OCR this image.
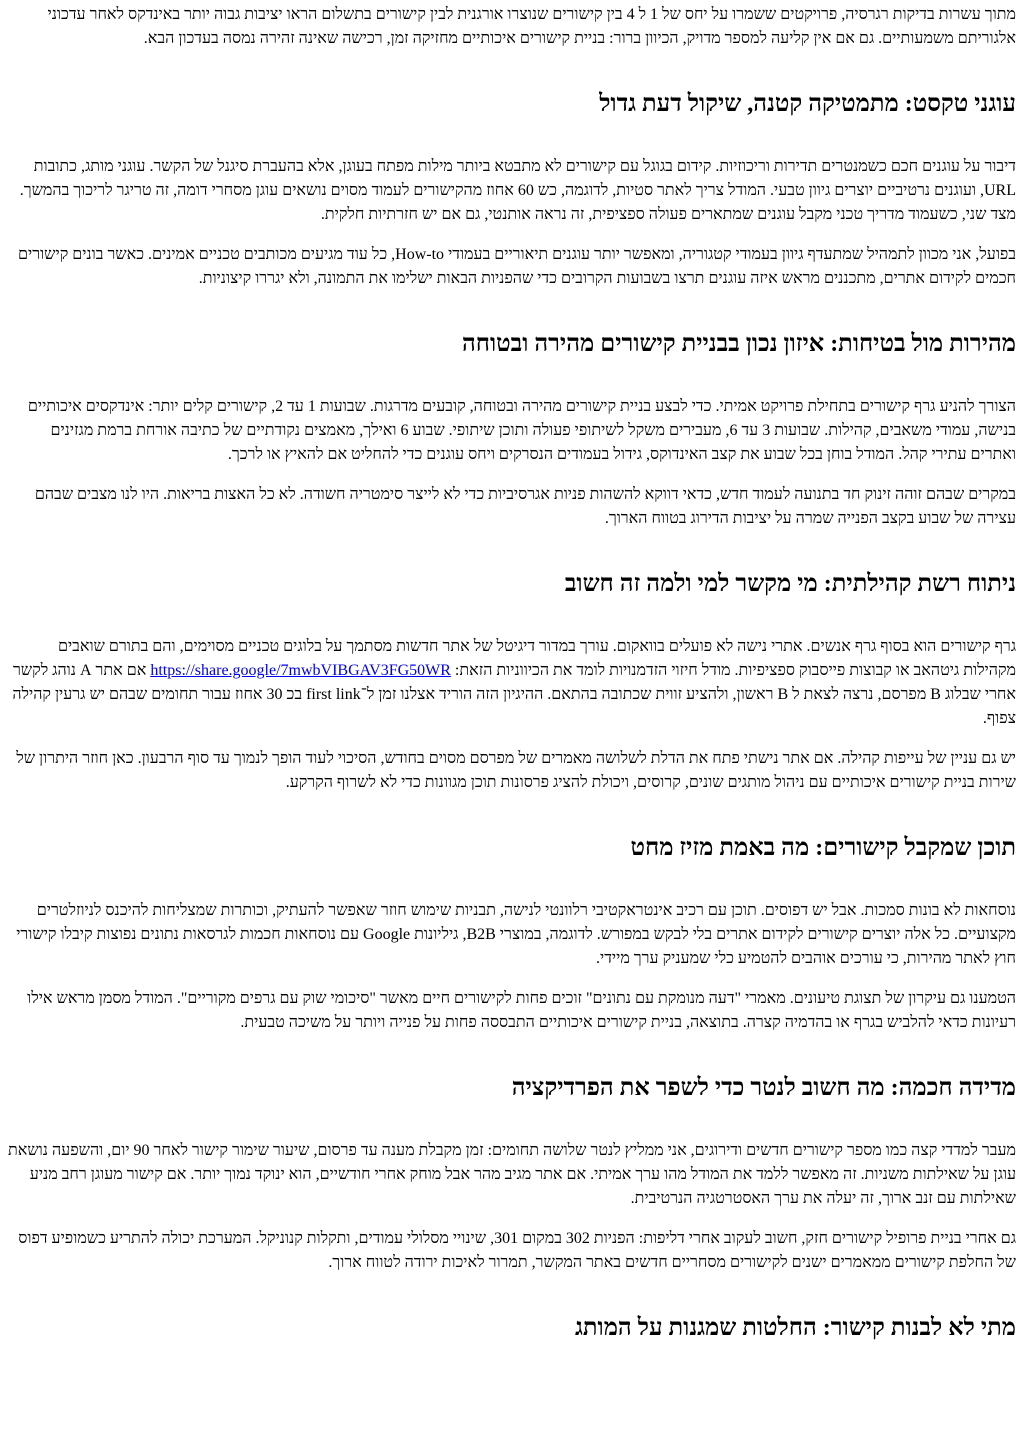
מתוך עשרות בדיקות רגרסיה, פרויקטים ששמרו על יחס של 1 ל 4 בין קישורים שנוצרו אורגנית לבין קישורים בתשלום הראו יציבות גבוה יותר באינדקס לאחר עדכוני אלגוריתם משמעותיים. גם אם אין קליעה למספר מדויק, הכיוון ברור: בניית קישורים איכותיים מחזיקה זמן, רכישה שאינה זהירה נמסה בעדכון הבא.

עוגני טקסט: מתמטיקה קטנה, שיקול דעת גדול

דיבור על עוגנים חכם כשמנטרים תדירות וריכוזיות. קידום בגוגל עם קישורים לא מתבטא ביותר מילות מפתח בעוגן, אלא בהעברת סיגנל של הקשר. עוגני מותג, כתובות URL, ועוגנים נרטיביים יוצרים גיוון טבעי. המודל צריך לאתר סטיות, לדוגמה, כש 60 אחוז מהקישורים לעמוד מסוים נושאים עוגן מסחרי דומה, זה טריגר לריכוך בהמשך. מצד שני, כשעמוד מדריך טכני מקבל עוגנים שמתארים פעולה ספציפית, זה נראה אותנטי, גם אם יש חזרתיות חלקית.

בפועל, אני מכוון לתמהיל שמתעדף גיוון בעמודי קטגוריה, ומאפשר יותר עוגנים תיאוריים בעמודי How-to, כל עוד מגיעים מכותבים טכניים אמינים. כאשר בונים קישורים חכמים לקידום אתרים, מתכננים מראש איזה עוגנים תרצו בשבועות הקרובים כדי שהפניות הבאות ישלימו את התמונה, ולא יגררו קיצוניות.

מהירות מול בטיחות: איזון נכון בבניית קישורים מהירה ובטוחה

הצורך להניע גרף קישורים בתחילת פרויקט אמיתי. כדי לבצע בניית קישורים מהירה ובטוחה, קובעים מדרגות. שבועות 1 עד 2, קישורים קלים יותר: אינדקסים איכותיים בנישה, עמודי משאבים, קהילות. שבועות 3 עד 6, מעבירים משקל לשיתופי פעולה ותוכן שיתופי. שבוע 6 ואילך, מאמצים נקודתיים של כתיבה אורחת ברמת מגזינים ואתרים עתירי קהל. המודל בוחן בכל שבוע את קצב האינדוקס, גידול בעמודים הנסרקים ויחס עוגנים כדי להחליט אם להאיץ או לרכך.

במקרים שבהם זוהה זינוק חד בתנועה לעמוד חדש, כדאי דווקא להשהות פניות אגרסיביות כדי לא לייצר סימטריה חשודה. לא כל האצות בריאות. היו לנו מצבים שבהם עצירה של שבוע בקצב הפנייה שמרה על יציבות הדירוג בטווח הארוך.

ניתוח רשת קהילתית: מי מקשר למי ולמה זה חשוב

גרף קישורים הוא בסוף גרף אנשים. אתרי נישה לא פועלים בוואקום. עורך במדור דיגיטל של אתר חדשות מסתמך על בלוגים טכניים מסוימים, והם בתורם שואבים מקהילות גיטהאב או קבוצות פייסבוק ספציפיות. מודל חיזוי הזדמנויות לומד את הכיווניות הזאת: https://share.google/7mwbVIBGAV3FG50WR אם אתר A נוהג לקשר אחרי שבלוג B מפרסם, נרצה לצאת ל B ראשון, ולהציע זווית שכתובה בהתאם. ההיגיון הזה הוריד אצלנו זמן ל־first link בכ 30 אחוז עבור תחומים שבהם יש גרעין קהילה צפוף.

יש גם עניין של עייפות קהילה. אם אתר נישתי פתח את הדלת לשלושה מאמרים של מפרסם מסוים בחודש, הסיכוי לעוד הופך לנמוך עד סוף הרבעון. כאן חוזר היתרון של שירות בניית קישורים איכותיים עם ניהול מותגים שונים, קרוסים, ויכולת להציג פרסונות תוכן מגוונות כדי לא לשרוף הקרקע.

תוכן שמקבל קישורים: מה באמת מזיז מחט

נוסחאות לא בונות סמכות. אבל יש דפוסים. תוכן עם רכיב אינטראקטיבי רלוונטי לנישה, תבניות שימוש חוזר שאפשר להעתיק, וכותרות שמצליחות להיכנס לניוזלטרים מקצועיים. כל אלה יוצרים קישורים לקידום אתרים בלי לבקש במפורש. לדוגמה, במוצרי B2B, גיליונות Google עם נוסחאות חכמות לגרסאות נתונים נפוצות קיבלו קישורי חוץ לאתר מהירות, כי עורכים אוהבים להטמיע כלי שמעניק ערך מיידי.

הטמענו גם עיקרון של תצוגת טיעונים. מאמרי "דעה מנומקת עם נתונים" זוכים פחות לקישורים חיים מאשר "סיכומי שוק עם גרפים מקוריים". המודל מסמן מראש אילו רעיונות כדאי להלביש בגרף או בהדמיה קצרה. בתוצאה, בניית קישורים איכותיים התבססה פחות על פנייה ויותר על משיכה טבעית.

מדידה חכמה: מה חשוב לנטר כדי לשפר את הפרדיקציה

מעבר למדדי קצה כמו מספר קישורים חדשים ודירוגים, אני ממליץ לנטר שלושה תחומים: זמן מקבלת מענה עד פרסום, שיעור שימור קישור לאחר 90 יום, והשפעה נושאת עוגן על שאילתות משניות. זה מאפשר ללמד את המודל מהו ערך אמיתי. אם אתר מגיב מהר אבל מוחק אחרי חודשיים, הוא ינוקד נמוך יותר. אם קישור מעוגן רחב מניע שאילתות עם זנב ארוך, זה יעלה את ערך האסטרטגיה הנרטיבית.

גם אחרי בניית פרופיל קישורים חזק, חשוב לעקוב אחרי דליפות: הפניות 302 במקום 301, שינויי מסלולי עמודים, ותקלות קנוניקל. המערכת יכולה להתריע כשמופיע דפוס של החלפת קישורים ממאמרים ישנים לקישורים מסחריים חדשים באתר המקשר, תמרור לאיכות ירודה לטווח ארוך.

מתי לא לבנות קישור: החלטות שמגנות על המותג
